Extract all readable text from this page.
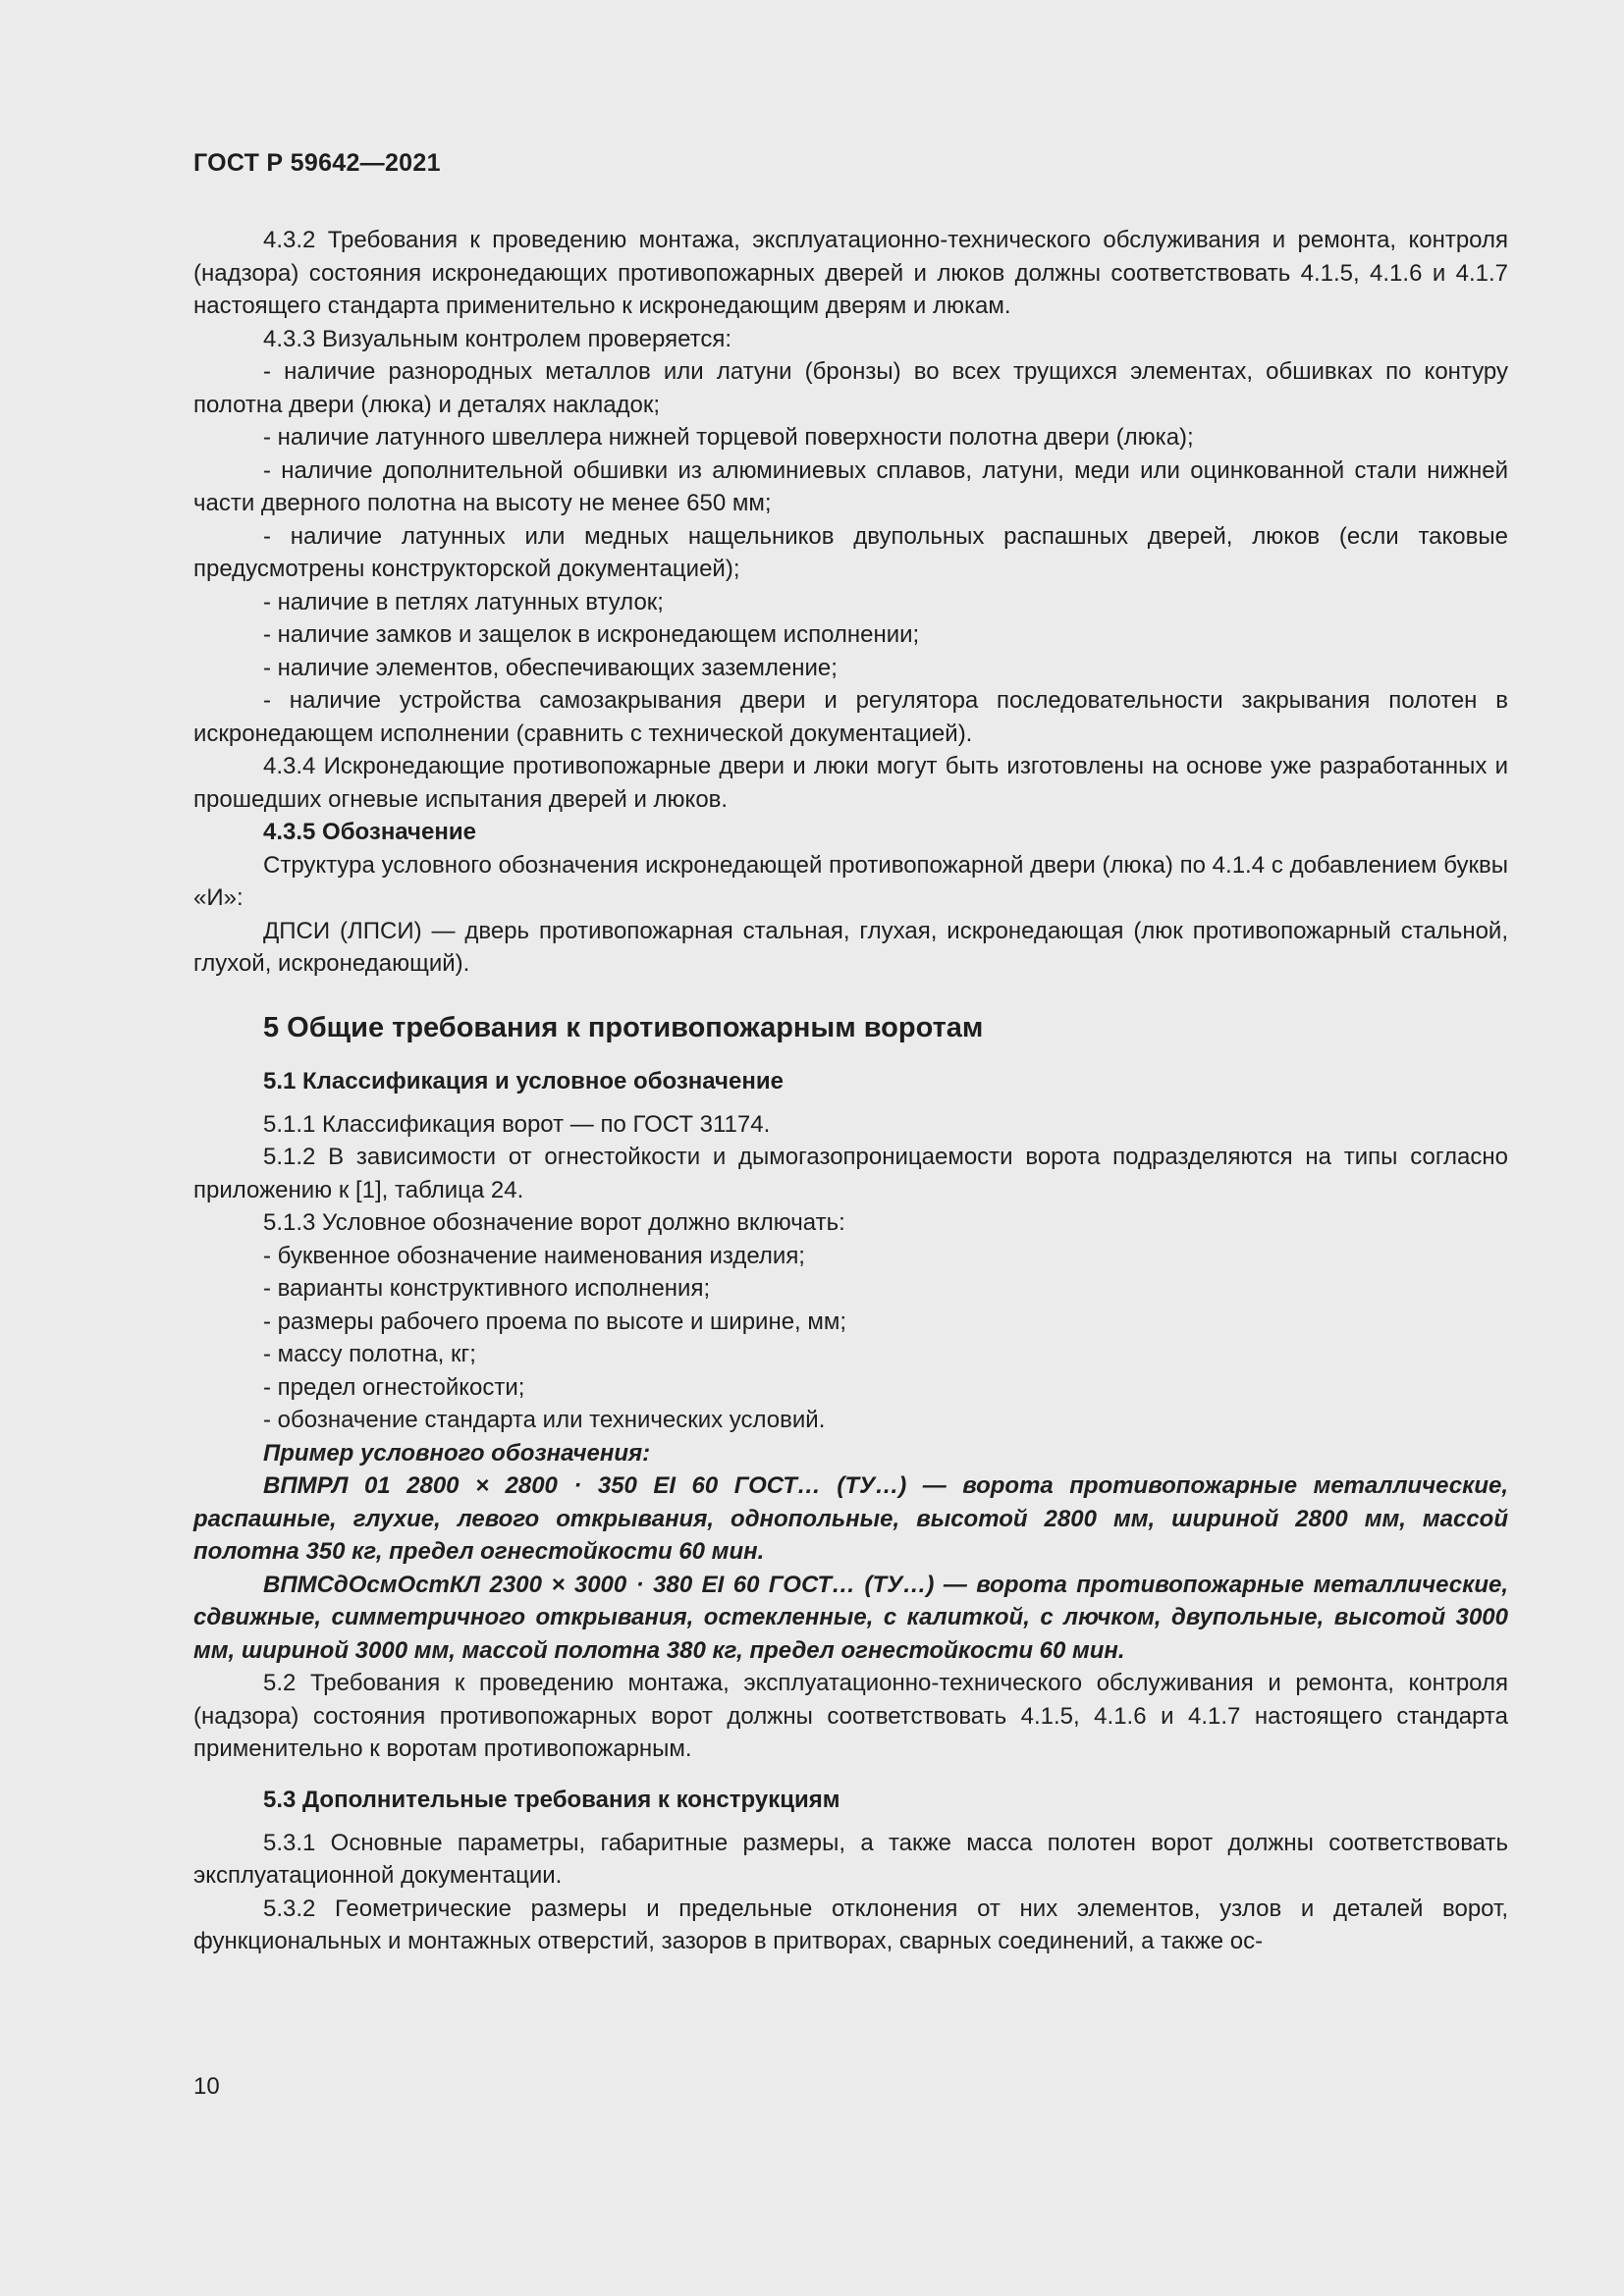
ГОСТ Р 59642—2021

4.3.2 Требования к проведению монтажа, эксплуатационно-технического обслуживания и ремонта, контроля (надзора) состояния искронедающих противопожарных дверей и люков должны соответствовать 4.1.5, 4.1.6 и 4.1.7 настоящего стандарта применительно к искронедающим дверям и люкам.

4.3.3 Визуальным контролем проверяется:

- наличие разнородных металлов или латуни (бронзы) во всех трущихся элементах, обшивках по контуру полотна двери (люка) и деталях накладок;

- наличие латунного швеллера нижней торцевой поверхности полотна двери (люка);

- наличие дополнительной обшивки из алюминиевых сплавов, латуни, меди или оцинкованной стали нижней части дверного полотна на высоту не менее 650 мм;

- наличие латунных или медных нащельников двупольных распашных дверей, люков (если таковые предусмотрены конструкторской документацией);

- наличие в петлях латунных втулок;

- наличие замков и защелок в искронедающем исполнении;

- наличие элементов, обеспечивающих заземление;

- наличие устройства самозакрывания двери и регулятора последовательности закрывания полотен в искронедающем исполнении (сравнить с технической документацией).

4.3.4 Искронедающие противопожарные двери и люки могут быть изготовлены на основе уже разработанных и прошедших огневые испытания дверей и люков.

4.3.5 Обозначение

Структура условного обозначения искронедающей противопожарной двери (люка) по 4.1.4 с добавлением буквы «И»:

ДПСИ (ЛПСИ) — дверь противопожарная стальная, глухая, искронедающая (люк противопожарный стальной, глухой, искронедающий).

5 Общие требования к противопожарным воротам
5.1 Классификация и условное обозначение

5.1.1 Классификация ворот — по ГОСТ 31174.

5.1.2 В зависимости от огнестойкости и дымогазопроницаемости ворота подразделяются на типы согласно приложению к [1], таблица 24.

5.1.3 Условное обозначение ворот должно включать:

- буквенное обозначение наименования изделия;

- варианты конструктивного исполнения;

- размеры рабочего проема по высоте и ширине, мм;

- массу полотна, кг;

- предел огнестойкости;

- обозначение стандарта или технических условий.

Пример условного обозначения:

ВПМРЛ 01 2800 × 2800 · 350 EI 60 ГОСТ… (ТУ…) — ворота противопожарные металлические, распашные, глухие, левого открывания, однопольные, высотой 2800 мм, шириной 2800 мм, массой полотна 350 кг, предел огнестойкости 60 мин.

ВПМСдОсмОстКЛ 2300 × 3000 · 380 EI 60 ГОСТ… (ТУ…) — ворота противопожарные металлические, сдвижные, симметричного открывания, остекленные, с калиткой, с лючком, двупольные, высотой 3000 мм, шириной 3000 мм, массой полотна 380 кг, предел огнестойкости 60 мин.

5.2 Требования к проведению монтажа, эксплуатационно-технического обслуживания и ремонта, контроля (надзора) состояния противопожарных ворот должны соответствовать 4.1.5, 4.1.6 и 4.1.7 настоящего стандарта применительно к воротам противопожарным.

5.3 Дополнительные требования к конструкциям

5.3.1 Основные параметры, габаритные размеры, а также масса полотен ворот должны соответствовать эксплуатационной документации.

5.3.2 Геометрические размеры и предельные отклонения от них элементов, узлов и деталей ворот, функциональных и монтажных отверстий, зазоров в притворах, сварных соединений, а также ос-

10
